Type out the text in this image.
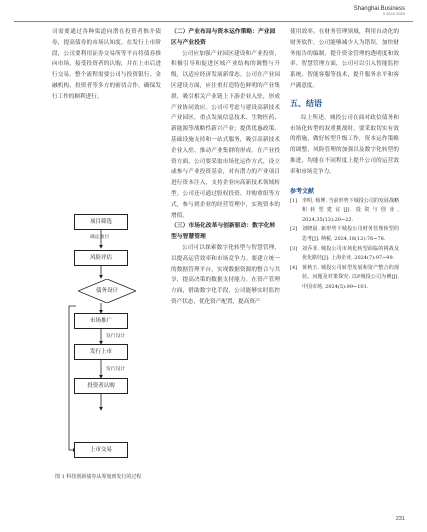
Shanghai Business
5 2024 2025

司需要通过各种渠道向潜在投资者推介债券，提高债券的市场认知度。在发行上市阶段，公司要利用证券交易所等平台将债券推向市场，接受投资者的认购，并在上市后进行交易。整个流程需要公司与投资银行、金融机构、投资者等多方的密切合作，确保发行工作的顺利进行。

项目筛选
确定项目
风险评估
债务设计
市场推广
发行设计
发行上市
发行设计
投资者认购
上市交易
图 1 科技创新债券从筹划到发行的过程
（二）产业布局与资本运作策略：产业园区与产业投资

公司应加强产业园区建设和产业投资，积极引导和促进区域产业结构的调整与升级，以适应经济发展新常态。公司在产业园区建设方面，应注重打造特色鲜明的产业集群，吸引相关产业链上下游企业入驻，形成产业协同效应。公司可考虑与建设高新技术产业园区，重点发展信息技术、生物医药、新能源等战略性新兴产业；提供优惠政策、基础设施支持和一站式服务，吸引高新技术企业入驻、推动产业集群的形成。在产业投资方面，公司要采取市场化运作方式，设立或参与产业投资基金，对有潜力的产业项目进行资本注入，支持企业向高新技术领域转型。公司还可通过股权投资、并购重组等方式，参与到企业的经营管理中，实现资本的增值。

（三）市场化改革与创新驱动：数字化转型与智慧管理

公司可以探索数字化转型与智慧管理，以提高运营效率和市场竞争力。要建立统一的数据管理平台，实现数据资源的整合与共享，提高决策的数据支持能力。在资产管理方面，借助数字化手段，公司能够实时监控资产状态，优化资产配置，提高资产

使用效率。在财务管理领域，利用自动化的财务软件，公司能够减少人为错误，加快财务报告的编制，提升资金管理的透明度和效率。智慧管理方面，公司可以引入智能监控系统、智能客服等技术，提升服务水平和客户满意度。

五、结语

综上所述，城投公司在面对政信债务和市场化转型的双重挑战时，要采取切实有效的措施，做好转型升级工作，资本运作策略的调整，风险管理的加强以及数字化转型的推进，均能在不同程度上提升公司的运营效率和市场竞争力。

参考文献
[1] 李明, 杨博. 当前形势下城投公司的发展战略和转型建议[J]. 投资与创业, 2024,35(13):20~22.
[2] 刘晓晨. 新形势下城投公司财务管理转型的思考[J]. 纳税, 2024,18(12):76~78.
[3] 刘乔菲. 城投公司市场化转型面临的挑战及优化路径[J]. 上海企业, 2024(7):97~99.
[4] 黄秋玉. 城投公司转型发展和资产整合的现状、问题及对策探究: 以P城投公司为例[J]. 中国市场, 2024(5):99~101.
231
